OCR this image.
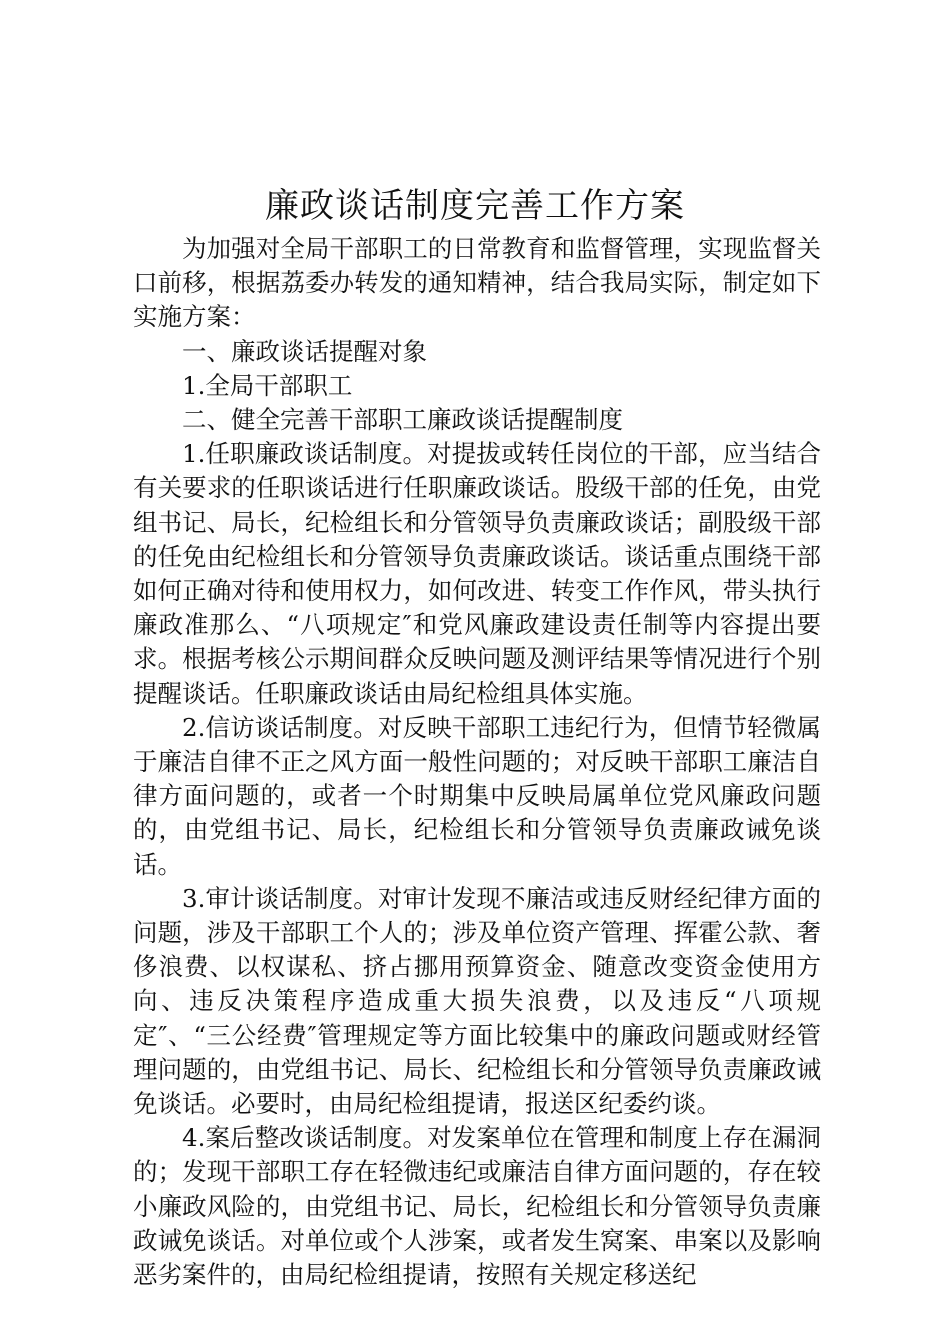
廉政谈话制度完善工作方案

为加强对全局干部职工的日常教育和监督管理，实现监督关口前移，根据荔委办转发的通知精神，结合我局实际，制定如下实施方案：

一、廉政谈话提醒对象

1.全局干部职工

二、健全完善干部职工廉政谈话提醒制度

1.任职廉政谈话制度。对提拔或转任岗位的干部，应当结合有关要求的任职谈话进行任职廉政谈话。股级干部的任免，由党组书记、局长，纪检组长和分管领导负责廉政谈话；副股级干部的任免由纪检组长和分管领导负责廉政谈话。谈话重点围绕干部如何正确对待和使用权力，如何改进、转变工作作风，带头执行廉政准那么、“八项规定″和党风廉政建设责任制等内容提出要求。根据考核公示期间群众反映问题及测评结果等情况进行个别提醒谈话。任职廉政谈话由局纪检组具体实施。

2.信访谈话制度。对反映干部职工违纪行为，但情节轻微属于廉洁自律不正之风方面一般性问题的；对反映干部职工廉洁自律方面问题的，或者一个时期集中反映局属单位党风廉政问题的，由党组书记、局长，纪检组长和分管领导负责廉政诫免谈话。

3.审计谈话制度。对审计发现不廉洁或违反财经纪律方面的问题，涉及干部职工个人的；涉及单位资产管理、挥霍公款、奢侈浪费、以权谋私、挤占挪用预算资金、随意改变资金使用方向、违反决策程序造成重大损失浪费，以及违反“八项规定″、“三公经费″管理规定等方面比较集中的廉政问题或财经管理问题的，由党组书记、局长、纪检组长和分管领导负责廉政诫免谈话。必要时，由局纪检组提请，报送区纪委约谈。

4.案后整改谈话制度。对发案单位在管理和制度上存在漏洞的；发现干部职工存在轻微违纪或廉洁自律方面问题的，存在较小廉政风险的，由党组书记、局长，纪检组长和分管领导负责廉政诫免谈话。对单位或个人涉案，或者发生窝案、串案以及影响恶劣案件的，由局纪检组提请，按照有关规定移送纪
